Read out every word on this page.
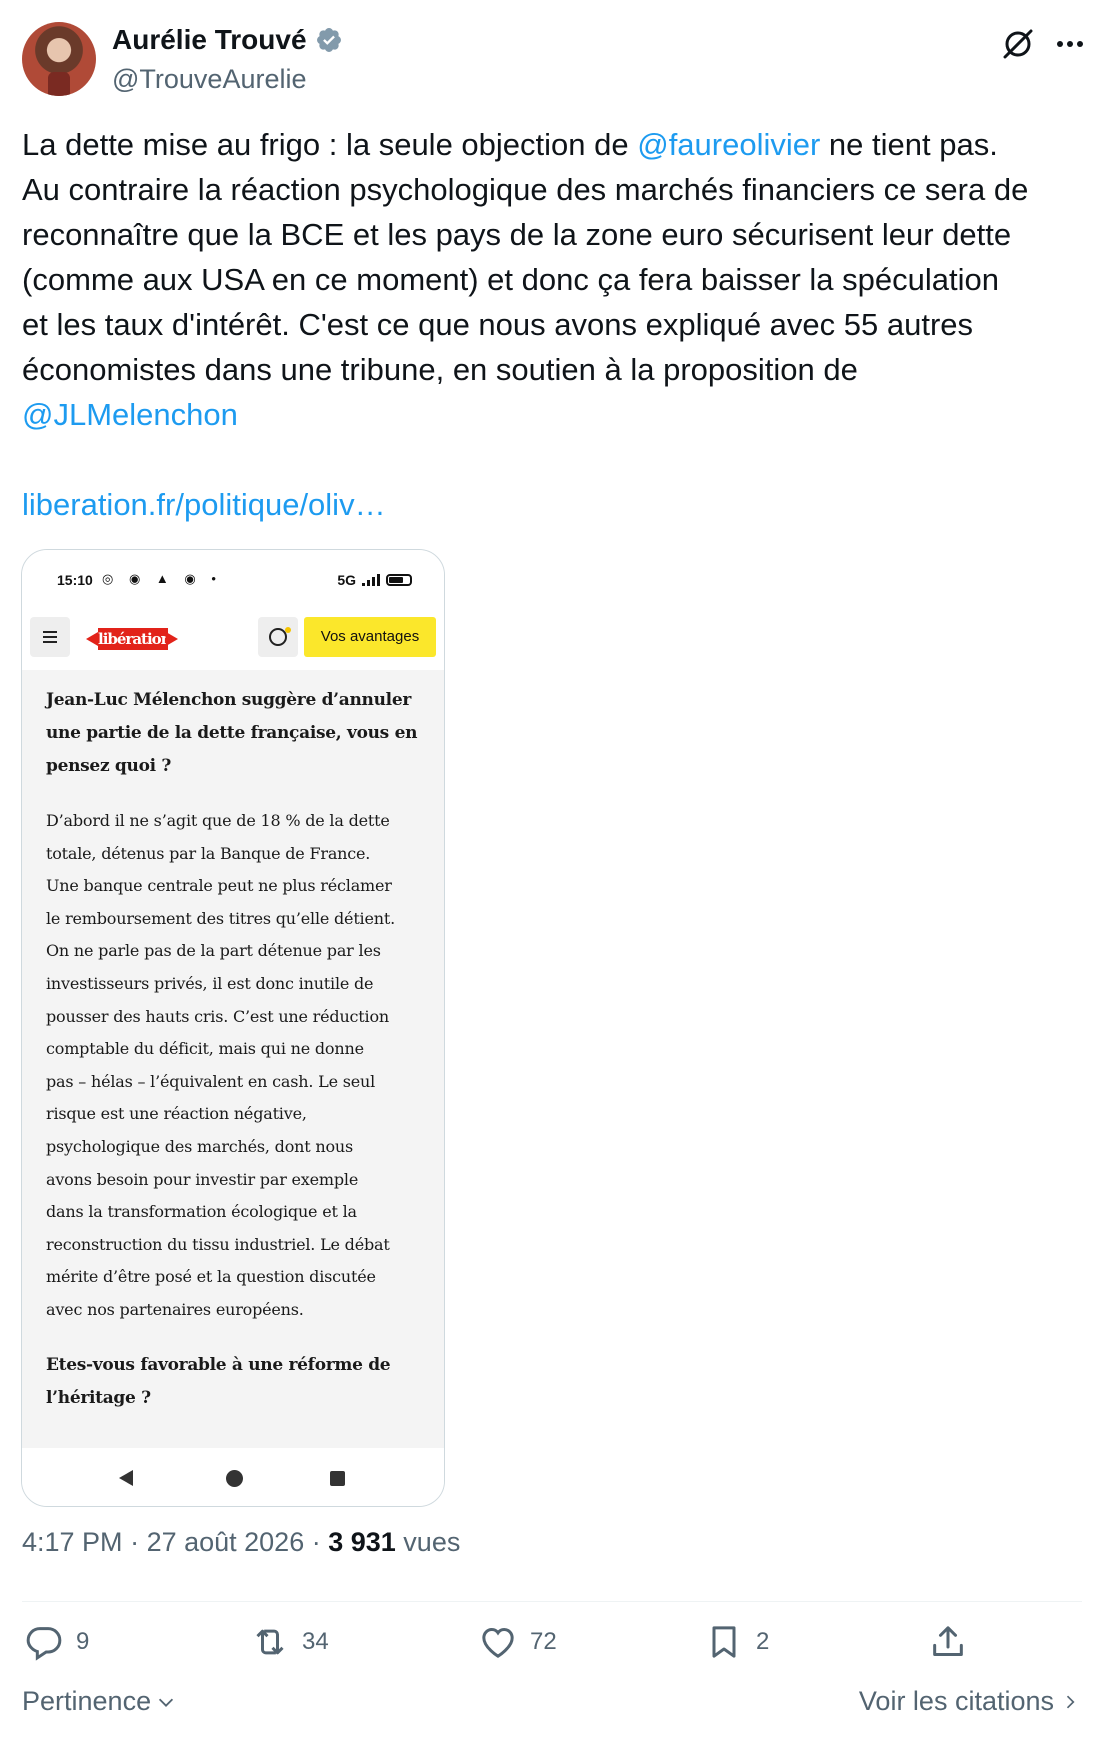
Aurélie Trouvé
@TrouveAurelie

La dette mise au frigo : la seule objection de @faureolivier ne tient pas.

Au contraire la réaction psychologique des marchés financiers ce sera de

reconnaître que la BCE et les pays de la zone euro sécurisent leur dette

(comme aux USA en ce moment) et donc ça fera baisser la spéculation

et les taux d'intérêt. C'est ce que nous avons expliqué avec 55 autres

économistes dans une tribune, en soutien à la proposition de

@JLMelenchon

liberation.fr/politique/oliv…
15:10 ◎ ◉ ▲ ◉ •	5G
libération	Vos avantages
Jean-Luc Mélenchon suggère d’annuler
une partie de la dette française, vous en
pensez quoi ?
D’abord il ne s’agit que de 18 % de la dette
totale, détenus par la Banque de France.
Une banque centrale peut ne plus réclamer
le remboursement des titres qu’elle détient.
On ne parle pas de la part détenue par les
investisseurs privés, il est donc inutile de
pousser des hauts cris. C’est une réduction
comptable du déficit, mais qui ne donne
pas – hélas – l’équivalent en cash. Le seul
risque est une réaction négative,
psychologique des marchés, dont nous
avons besoin pour investir par exemple
dans la transformation écologique et la
reconstruction du tissu industriel. Le débat
mérite d’être posé et la question discutée
avec nos partenaires européens.
Etes-vous favorable à une réforme de
l’héritage ?
4:17 PM · 27 août 2026 · 3 931 vues
9	34	72	2
Pertinence	Voir les citations
